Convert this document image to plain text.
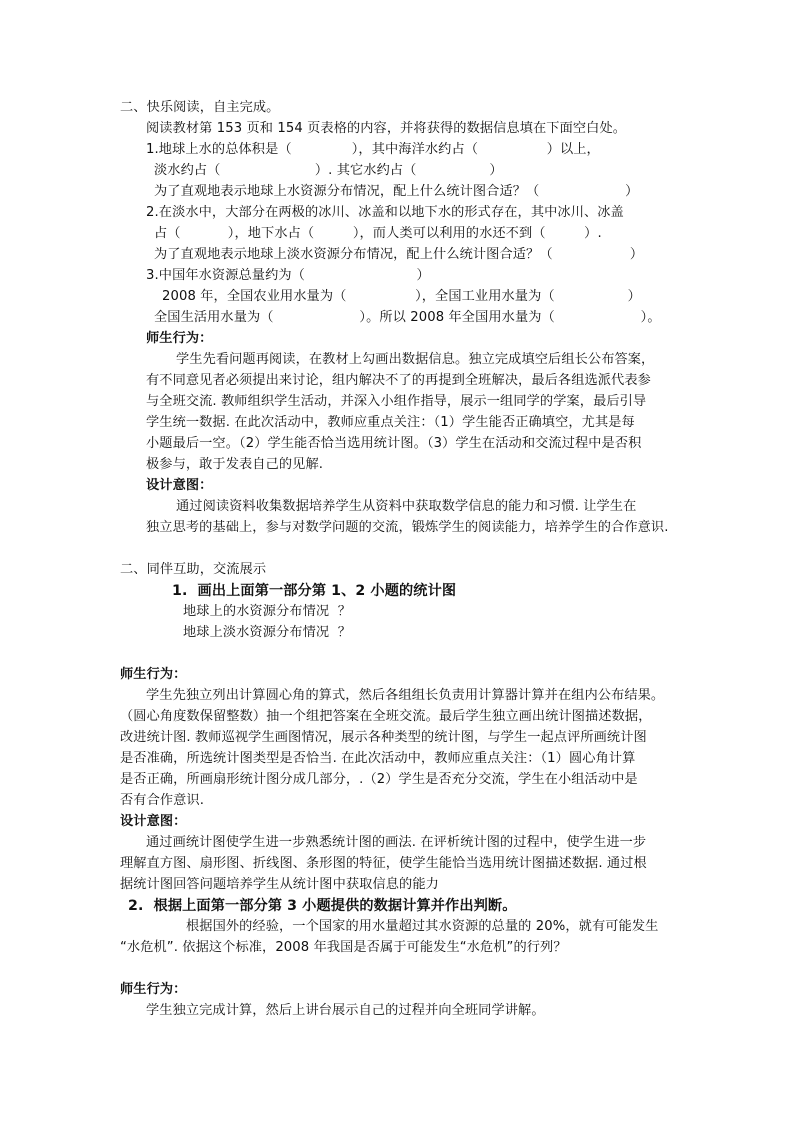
二、快乐阅读，自主完成。
阅读教材第 153 页和 154 页表格的内容，并将获得的数据信息填在下面空白处。
1.地球上水的总体积是（              ），其中海洋水约占（                ）以上，
淡水约占（                      ）. 其它水约占（                 ）
为了直观地表示地球上水资源分布情况，配上什么统计图合适？（                    ）
2.在淡水中，大部分在两极的冰川、冰盖和以地下水的形式存在，其中冰川、冰盖
占（           ），地下水占（         ），而人类可以利用的水还不到（         ）.
为了直观地表示地球上淡水资源分布情况，配上什么统计图合适？（                  ）
3.中国年水资源总量约为（                          ）
2008 年，全国农业用水量为（                ），全国工业用水量为（                 ）
全国生活用水量为（                    ）。所以 2008 年全国用水量为（                    ）。
师生行为：
学生先看问题再阅读，在教材上勾画出数据信息。独立完成填空后组长公布答案，
有不同意见者必须提出来讨论，组内解决不了的再提到全班解决，最后各组选派代表参
与全班交流. 教师组织学生活动，并深入小组作指导，展示一组同学的学案，最后引导
学生统一数据. 在此次活动中，教师应重点关注：（1）学生能否正确填空，尤其是每
小题最后一空。（2）学生能否恰当选用统计图。（3）学生在活动和交流过程中是否积
极参与，敢于发表自己的见解.
设计意图：
通过阅读资料收集数据培养学生从资料中获取数学信息的能力和习惯. 让学生在
独立思考的基础上，参与对数学问题的交流，锻炼学生的阅读能力，培养学生的合作意识.
二、同伴互助，交流展示
1.  画出上面第一部分第 1、2 小题的统计图
地球上的水资源分布情况  ？
地球上淡水资源分布情况  ？
师生行为：
学生先独立列出计算圆心角的算式，然后各组组长负责用计算器计算并在组内公布结果。
（圆心角度数保留整数）抽一个组把答案在全班交流。最后学生独立画出统计图描述数据，
改进统计图. 教师巡视学生画图情况，展示各种类型的统计图，与学生一起点评所画统计图
是否准确，所选统计图类型是否恰当. 在此次活动中，教师应重点关注：（1）圆心角计算
是否正确，所画扇形统计图分成几部分，.（2）学生是否充分交流，学生在小组活动中是
否有合作意识.
设计意图：
通过画统计图使学生进一步熟悉统计图的画法. 在评析统计图的过程中，使学生进一步
理解直方图、扇形图、折线图、条形图的特征，使学生能恰当选用统计图描述数据. 通过根
据统计图回答问题培养学生从统计图中获取信息的能力
2.  根据上面第一部分第 3 小题提供的数据计算并作出判断。
根据国外的经验，一个国家的用水量超过其水资源的总量的 20%，就有可能发生
“水危机”. 依据这个标准，2008 年我国是否属于可能发生“水危机”的行列？
师生行为：
学生独立完成计算，然后上讲台展示自己的过程并向全班同学讲解。
